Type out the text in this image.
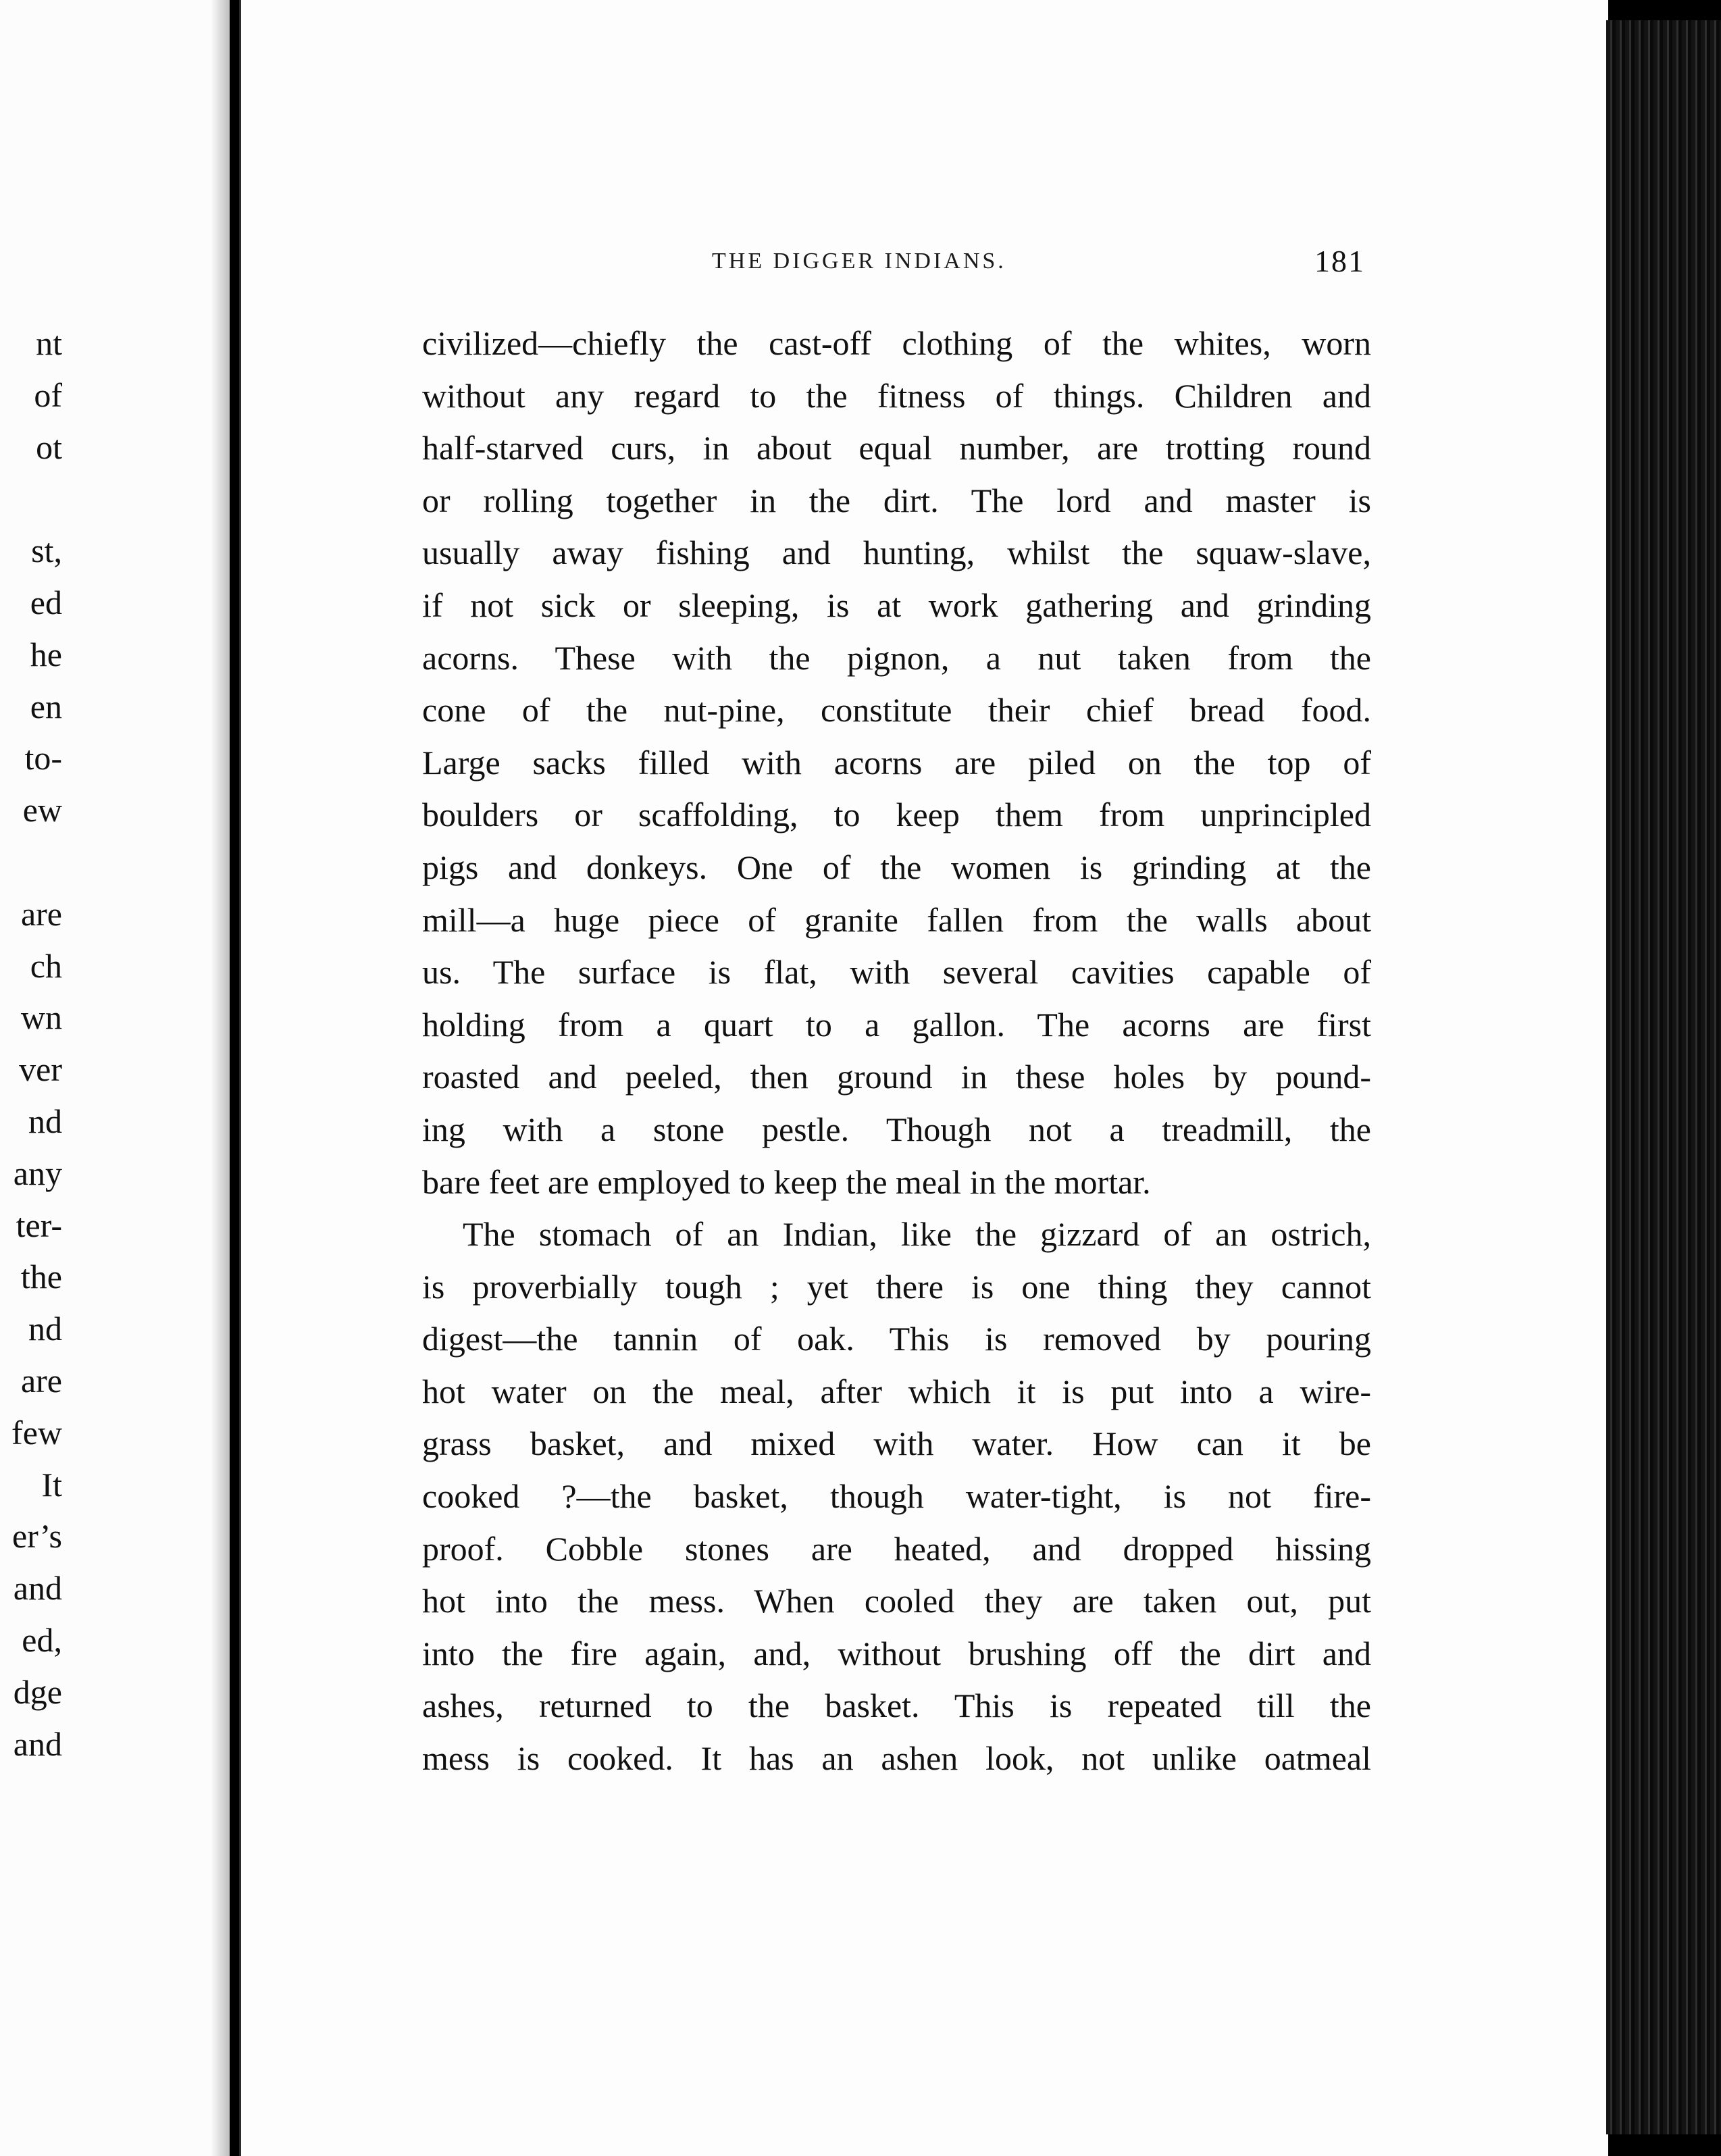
nt
of
ot
st,
ed
he
en
to-
ew
are
ch
wn
ver
nd
any
ter-
the
nd
are
few
It
er’s
and
ed,
dge
and
THE DIGGER INDIANS.	181
civilized—chiefly the cast-off clothing of the whites, worn
without any regard to the fitness of things. Children and
half-starved curs, in about equal number, are trotting round
or rolling together in the dirt. The lord and master is
usually away fishing and hunting, whilst the squaw-slave,
if not sick or sleeping, is at work gathering and grinding
acorns. These with the pignon, a nut taken from the
cone of the nut-pine, constitute their chief bread food.
Large sacks filled with acorns are piled on the top of
boulders or scaffolding, to keep them from unprincipled
pigs and donkeys. One of the women is grinding at the
mill—a huge piece of granite fallen from the walls about
us. The surface is flat, with several cavities capable of
holding from a quart to a gallon. The acorns are first
roasted and peeled, then ground in these holes by pound-
ing with a stone pestle. Though not a treadmill, the
bare feet are employed to keep the meal in the mortar.
The stomach of an Indian, like the gizzard of an ostrich,
is proverbially tough ; yet there is one thing they cannot
digest—the tannin of oak. This is removed by pouring
hot water on the meal, after which it is put into a wire-
grass basket, and mixed with water. How can it be
cooked ?—the basket, though water-tight, is not fire-
proof. Cobble stones are heated, and dropped hissing
hot into the mess. When cooled they are taken out, put
into the fire again, and, without brushing off the dirt and
ashes, returned to the basket. This is repeated till the
mess is cooked. It has an ashen look, not unlike oatmeal
